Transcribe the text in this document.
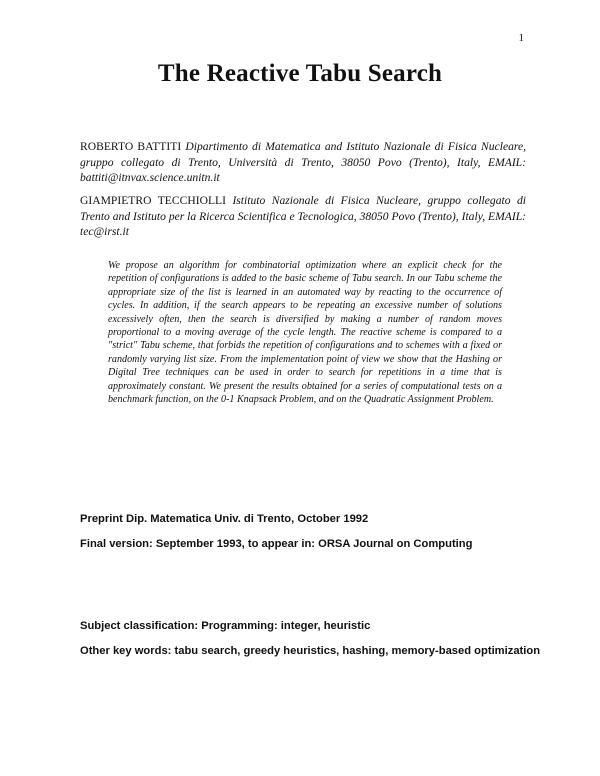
1
The Reactive Tabu Search
ROBERTO BATTITI Dipartimento di Matematica and Istituto Nazionale di Fisica Nucleare, gruppo collegato di Trento, Università di Trento, 38050 Povo (Trento), Italy, EMAIL: battiti@itnvax.science.unitn.it
GIAMPIETRO TECCHIOLLI Istituto Nazionale di Fisica Nucleare, gruppo collegato di Trento and Istituto per la Ricerca Scientifica e Tecnologica, 38050 Povo (Trento), Italy, EMAIL: tec@irst.it
We propose an algorithm for combinatorial optimization where an explicit check for the repetition of configurations is added to the basic scheme of Tabu search. In our Tabu scheme the appropriate size of the list is learned in an automated way by reacting to the occurrence of cycles. In addition, if the search appears to be repeating an excessive number of solutions excessively often, then the search is diversified by making a number of random moves proportional to a moving average of the cycle length. The reactive scheme is compared to a "strict" Tabu scheme, that forbids the repetition of configurations and to schemes with a fixed or randomly varying list size. From the implementation point of view we show that the Hashing or Digital Tree techniques can be used in order to search for repetitions in a time that is approximately constant. We present the results obtained for a series of computational tests on a benchmark function, on the 0-1 Knapsack Problem, and on the Quadratic Assignment Problem.
Preprint Dip. Matematica Univ. di Trento, October 1992
Final version: September 1993, to appear in: ORSA Journal on Computing
Subject classification: Programming: integer, heuristic
Other key words: tabu search, greedy heuristics, hashing, memory-based optimization
